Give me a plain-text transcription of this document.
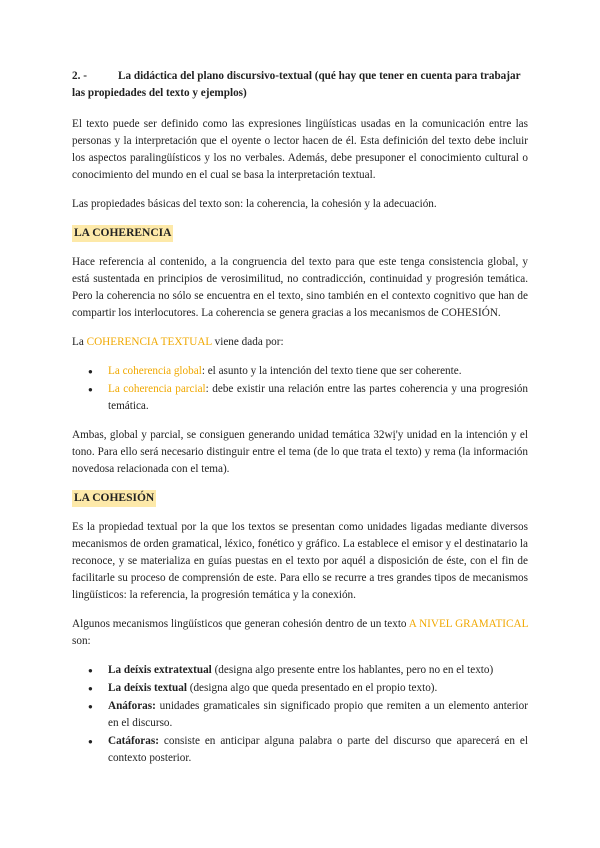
2. -	La didáctica del plano discursivo-textual (qué hay que tener en cuenta para trabajar las propiedades del texto y ejemplos)

El texto puede ser definido como las expresiones lingüísticas usadas en la comunicación entre las personas y la interpretación que el oyente o lector hacen de él. Esta definición del texto debe incluir los aspectos paralingüísticos y los no verbales. Además, debe presuponer el conocimiento cultural o conocimiento del mundo en el cual se basa la interpretación textual.

Las propiedades básicas del texto son: la coherencia, la cohesión y la adecuación.

LA COHERENCIA

Hace referencia al contenido, a la congruencia del texto para que este tenga consistencia global, y está sustentada en principios de verosimilitud, no contradicción, continuidad y progresión temática. Pero la coherencia no sólo se encuentra en el texto, sino también en el contexto cognitivo que han de compartir los interlocutores. La coherencia se genera gracias a los mecanismos de COHESIÓN.

La COHERENCIA TEXTUAL viene dada por:

● La coherencia global: el asunto y la intención del texto tiene que ser coherente.
● La coherencia parcial: debe existir una relación entre las partes coherencia y una progresión temática.

Ambas, global y parcial, se consiguen generando unidad temática 32wị'y unidad en la intención y el tono. Para ello será necesario distinguir entre el tema (de lo que trata el texto) y rema (la información novedosa relacionada con el tema).

LA COHESIÓN

Es la propiedad textual por la que los textos se presentan como unidades ligadas mediante diversos mecanismos de orden gramatical, léxico, fonético y gráfico. La establece el emisor y el destinatario la reconoce, y se materializa en guías puestas en el texto por aquél a disposición de éste, con el fin de facilitarle su proceso de comprensión de este. Para ello se recurre a tres grandes tipos de mecanismos lingüísticos: la referencia, la progresión temática y la conexión.

Algunos mecanismos lingüísticos que generan cohesión dentro de un texto A NIVEL GRAMATICAL son:

● La deíxis extratextual (designa algo presente entre los hablantes, pero no en el texto)
● La deíxis textual (designa algo que queda presentado en el propio texto).
● Anáforas: unidades gramaticales sin significado propio que remiten a un elemento anterior en el discurso.
● Catáforas: consiste en anticipar alguna palabra o parte del discurso que aparecerá en el contexto posterior.
